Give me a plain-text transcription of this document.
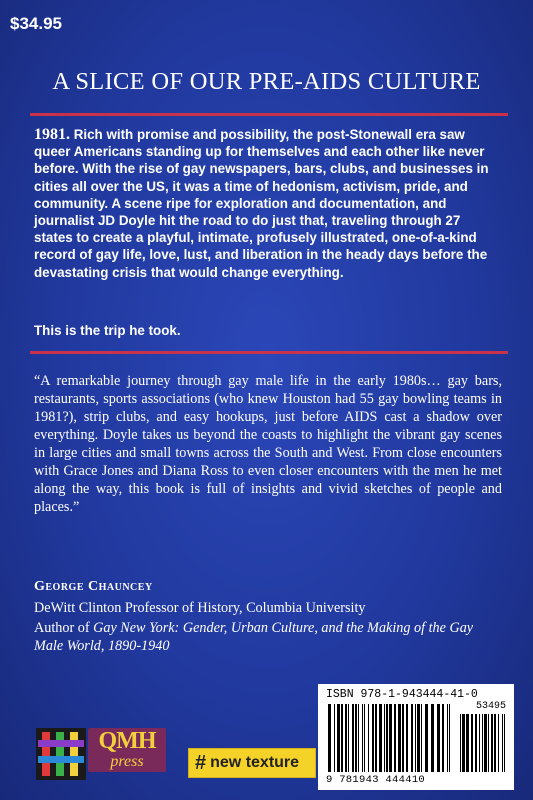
$34.95
A SLICE OF OUR PRE-AIDS CULTURE
1981. Rich with promise and possibility, the post-Stonewall era saw queer Americans standing up for themselves and each other like never before. With the rise of gay newspapers, bars, clubs, and businesses in cities all over the US, it was a time of hedonism, activism, pride, and community. A scene ripe for exploration and documentation, and journalist JD Doyle hit the road to do just that, traveling through 27 states to create a playful, intimate, profusely illustrated, one-of-a-kind record of gay life, love, lust, and liberation in the heady days before the devastating crisis that would change everything.
This is the trip he took.
“A remarkable journey through gay male life in the early 1980s… gay bars, restaurants, sports associations (who knew Houston had 55 gay bowling teams in 1981?), strip clubs, and easy hookups, just before AIDS cast a shadow over everything. Doyle takes us beyond the coasts to highlight the vibrant gay scenes in large cities and small towns across the South and West. From close encounters with Grace Jones and Diana Ross to even closer encounters with the men he met along the way, this book is full of insights and vivid sketches of people and places.”
George Chauncey
DeWitt Clinton Professor of History, Columbia University
Author of Gay New York: Gender, Urban Culture, and the Making of the Gay Male World, 1890-1940
QMH
press	# new texture
ISBN 978-1-943444-41-0
53495
9 781943 444410
